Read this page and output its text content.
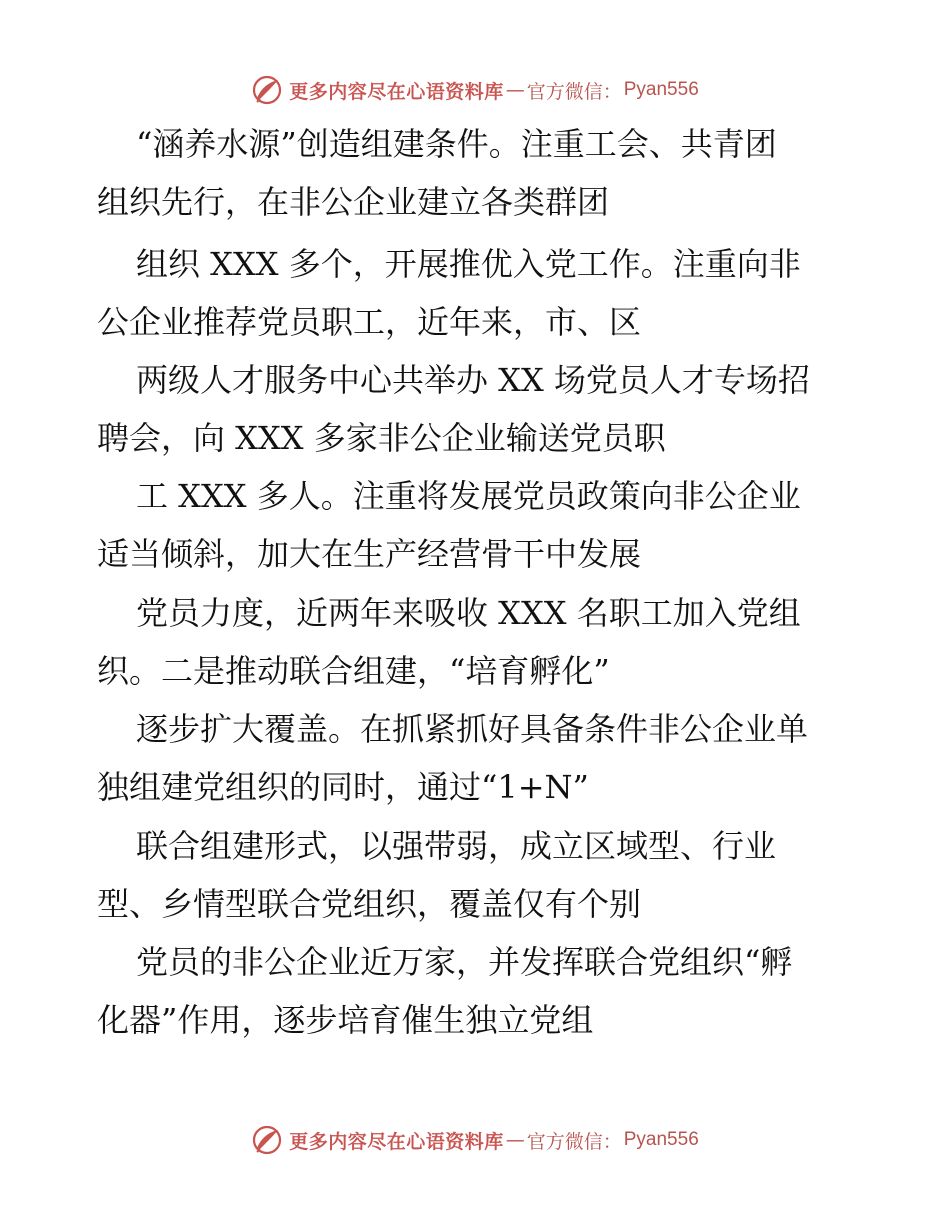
更多内容尽在心语资料库 — 官方微信： Pyan556
“涵养水源”创造组建条件。注重工会、共青团
组织先行，在非公企业建立各类群团
组织 XXX 多个，开展推优入党工作。注重向非
公企业推荐党员职工，近年来，市、区
两级人才服务中心共举办 XX 场党员人才专场招
聘会，向 XXX 多家非公企业输送党员职
工 XXX 多人。注重将发展党员政策向非公企业
适当倾斜，加大在生产经营骨干中发展
党员力度，近两年来吸收 XXX 名职工加入党组
织。二是推动联合组建，“培育孵化”
逐步扩大覆盖。在抓紧抓好具备条件非公企业单
独组建党组织的同时，通过“1+N”
联合组建形式，以强带弱，成立区域型、行业
型、乡情型联合党组织，覆盖仅有个别
党员的非公企业近万家，并发挥联合党组织“孵
化器”作用，逐步培育催生独立党组
更多内容尽在心语资料库 — 官方微信： Pyan556
